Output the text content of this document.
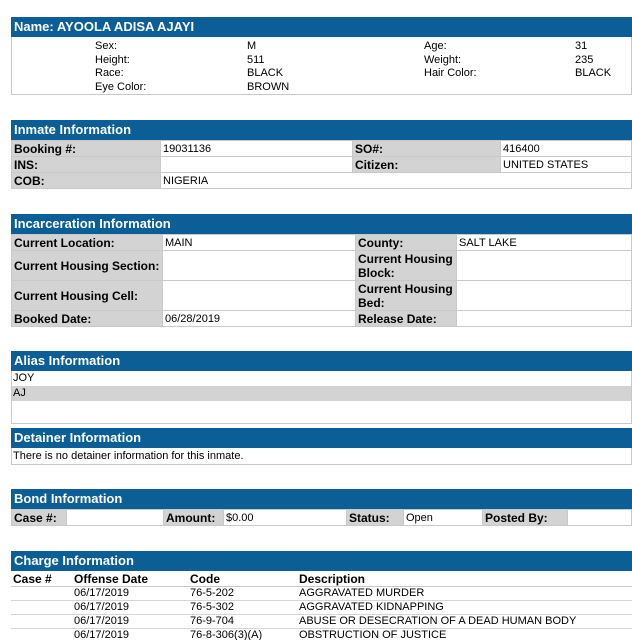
Name: AYOOLA ADISA AJAYI
	Sex:	M	Age:	31
	Height:	511	Weight:	235
	Race:	BLACK	Hair Color:	BLACK
	Eye Color:	BROWN		
Inmate Information
Booking #:	19031136	SO#:	416400
INS:		Citizen:	UNITED STATES
COB:	NIGERIA		
Incarceration Information
Current Location:	MAIN	County:	SALT LAKE
Current Housing Section:		Current Housing Block:	
Current Housing Cell:		Current Housing Bed:	
Booked Date:	06/28/2019	Release Date:	
Alias Information
JOY
AJ
Detainer Information
There is no detainer information for this inmate.
Bond Information
Case #:		Amount:	$0.00	Status:	Open	Posted By:	
Charge Information
Case #	Offense Date	Code	Description
	06/17/2019	76-5-202	AGGRAVATED MURDER
	06/17/2019	76-5-302	AGGRAVATED KIDNAPPING
	06/17/2019	76-9-704	ABUSE OR DESECRATION OF A DEAD HUMAN BODY
	06/17/2019	76-8-306(3)(A)	OBSTRUCTION OF JUSTICE
